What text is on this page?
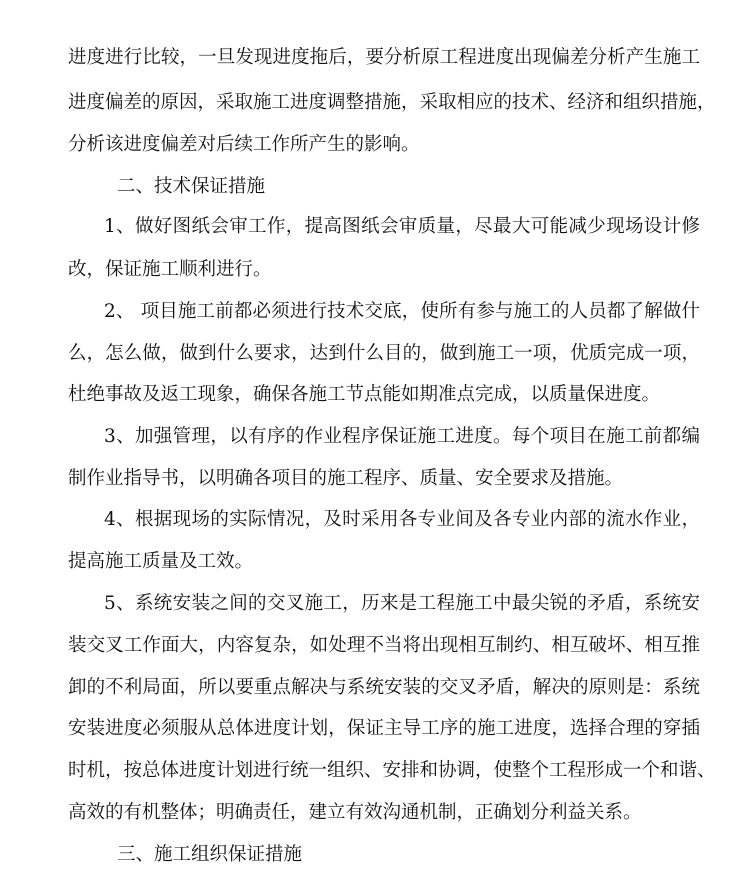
进度进行比较，一旦发现进度拖后，要分析原工程进度出现偏差分析产生施工
进度偏差的原因，采取施工进度调整措施，采取相应的技术、经济和组织措施，
分析该进度偏差对后续工作所产生的影响。
二、技术保证措施
1、做好图纸会审工作，提高图纸会审质量，尽最大可能减少现场设计修
改，保证施工顺利进行。
2、 项目施工前都必须进行技术交底，使所有参与施工的人员都了解做什
么，怎么做，做到什么要求，达到什么目的，做到施工一项，优质完成一项，
杜绝事故及返工现象，确保各施工节点能如期准点完成，以质量保进度。
3、加强管理，以有序的作业程序保证施工进度。每个项目在施工前都编
制作业指导书，以明确各项目的施工程序、质量、安全要求及措施。
4、根据现场的实际情况，及时采用各专业间及各专业内部的流水作业，
提高施工质量及工效。
5、系统安装之间的交叉施工，历来是工程施工中最尖锐的矛盾，系统安
装交叉工作面大，内容复杂，如处理不当将出现相互制约、相互破坏、相互推
卸的不利局面，所以要重点解决与系统安装的交叉矛盾，解决的原则是：系统
安装进度必须服从总体进度计划，保证主导工序的施工进度，选择合理的穿插
时机，按总体进度计划进行统一组织、安排和协调，使整个工程形成一个和谐、
高效的有机整体；明确责任，建立有效沟通机制，正确划分利益关系。
三、施工组织保证措施
